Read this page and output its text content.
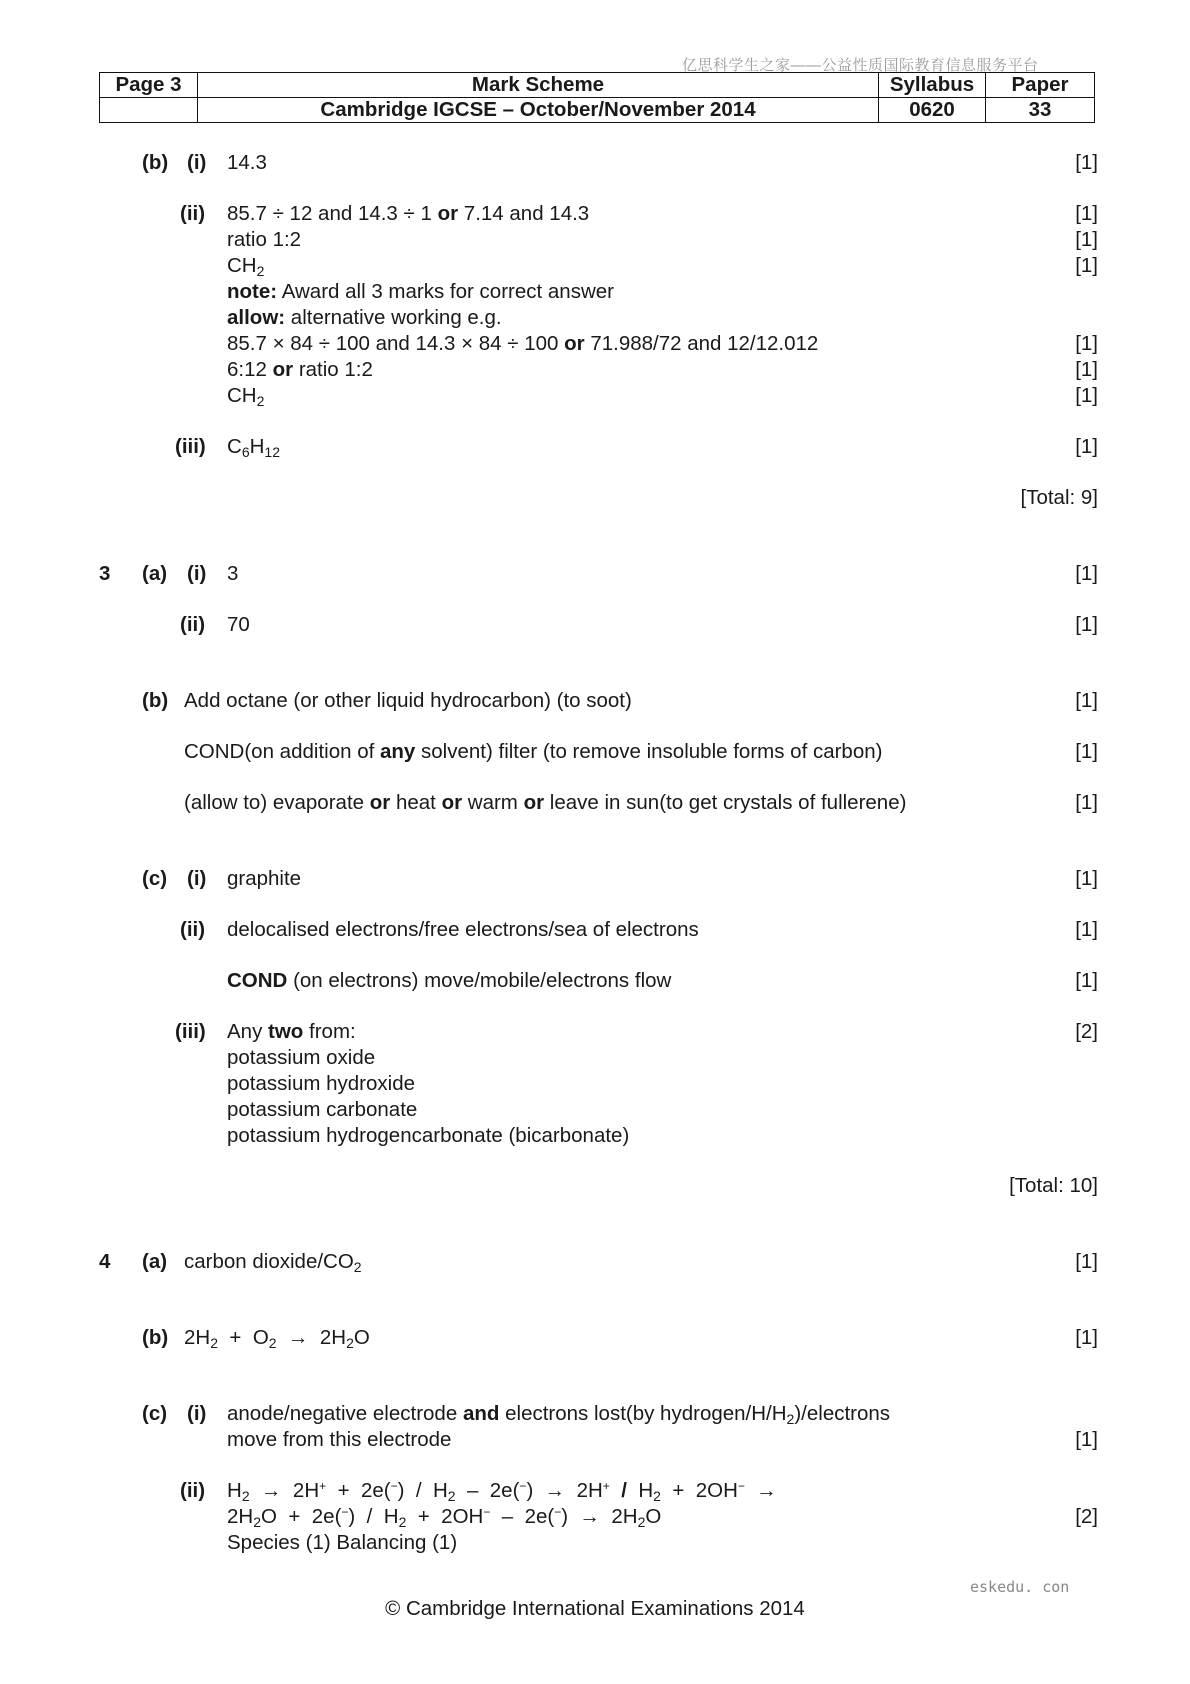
亿思科学生之家——公益性质国际教育信息服务平台
Page 3	Mark Scheme	Syllabus	Paper
	Cambridge IGCSE – October/November 2014	0620	33
(b) (i) 14.3	[1]
(ii) 85.7 ÷ 12 and 14.3 ÷ 1 or 7.14 and 14.3	[1]
ratio 1:2	[1]
$CH_2$	[1]
note: Award all 3 marks for correct answer
allow: alternative working e.g.
85.7 × 84 ÷ 100 and 14.3 × 84 ÷ 100 or 71.988/72 and 12/12.012	[1]
6:12 or ratio 1:2	[1]
$CH_2$	[1]
(iii) $C_6H_{12}$	[1]
[Total: 9]
3 (a) (i) 3	[1]
(ii) 70	[1]
(b) Add octane (or other liquid hydrocarbon) (to soot)	[1]
COND(on addition of any solvent) filter (to remove insoluble forms of carbon)	[1]
(allow to) evaporate or heat or warm or leave in sun(to get crystals of fullerene)	[1]
(c) (i) graphite	[1]
(ii) delocalised electrons/free electrons/sea of electrons	[1]
COND (on electrons) move/mobile/electrons flow	[1]
(iii) Any two from:	[2]
potassium oxide
potassium hydroxide
potassium carbonate
potassium hydrogencarbonate (bicarbonate)
[Total: 10]
4 (a) carbon dioxide/$CO_2$	[1]
(b) $2H_2 + O_2 \to 2H_2O$	[1]
(c) (i) anode/negative electrode and electrons lost(by hydrogen/$H/H_2$)/electrons
move from this electrode	[1]
(ii) $H_2 \to 2H^+ + 2e(^-) / H_2 - 2e(^-) \to 2H^+ / H_2 + 2OH^-$ →
$2H_2O + 2e(^-) / H_2 + 2OH^- - 2e(^-) \to 2H_2O$	[2]
Species (1) Balancing (1)
eskedu. con
© Cambridge International Examinations 2014
